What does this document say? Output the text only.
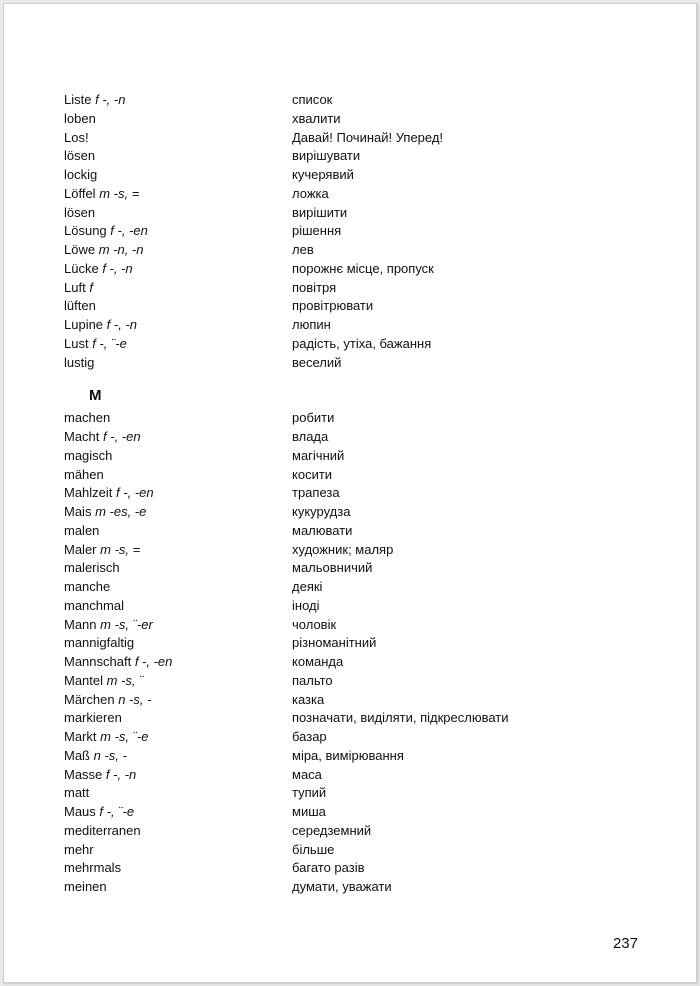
Liste f -, -n	список
loben	хвалити
Los!	Давай! Починай! Уперед!
lösen	вирішувати
lockig	кучерявий
Löffel m -s, =	ложка
lösen	вирішити
Lösung f -, -en	рішення
Löwe m -n, -n	лев
Lücke f -, -n	порожнє місце, пропуск
Luft f	повітря
lüften	провітрювати
Lupine f -, -n	люпин
Lust f -, ¨-e	радість, утіха, бажання
lustig	веселий
M
machen	робити
Macht f -, -en	влада
magisch	магічний
mähen	косити
Mahlzeit f -, -en	трапеза
Mais m -es, -e	кукурудза
malen	малювати
Maler m -s, =	художник; маляр
malerisch	мальовничий
manche	деякі
manchmal	іноді
Mann m -s, ¨-er	чоловік
mannigfaltig	різноманітний
Mannschaft f -, -en	команда
Mantel m -s, ¨	пальто
Märchen n -s, -	казка
markieren	позначати, виділяти, підкреслювати
Markt m -s, ¨-e	базар
Maß n -s, -	міра, вимірювання
Masse f -, -n	маса
matt	тупий
Maus f -, ¨-e	миша
mediterranen	середземний
mehr	більше
mehrmals	багато разів
meinen	думати, уважати
237
